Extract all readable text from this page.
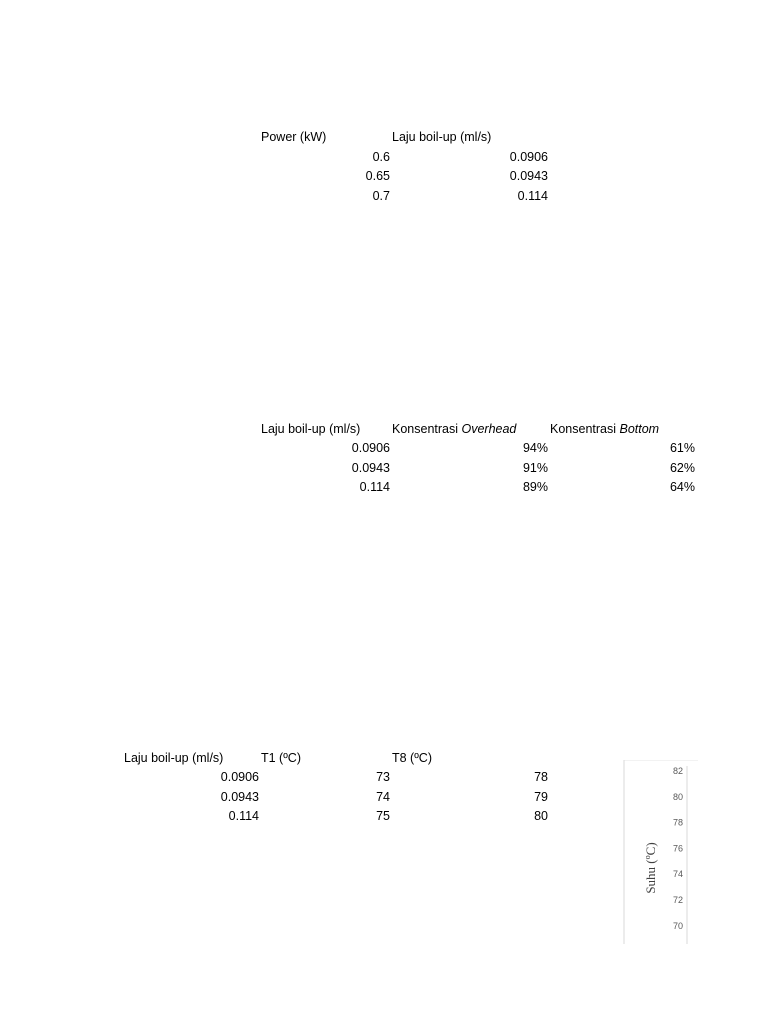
Power (kW)	Laju boil-up (ml/s)
0.6	0.0906
0.65	0.0943
0.7	0.114
Laju boil-up (ml/s)	Konsentrasi Overhead	Konsentrasi Bottom
0.0906	94%	61%
0.0943	91%	62%
0.114	89%	64%
Laju boil-up (ml/s)	T1 (ºC)	T8 (ºC)
0.0906	73	78
0.0943	74	79
0.114	75	80
Suhu (ºC)
82
80
78
76
74
72
70
